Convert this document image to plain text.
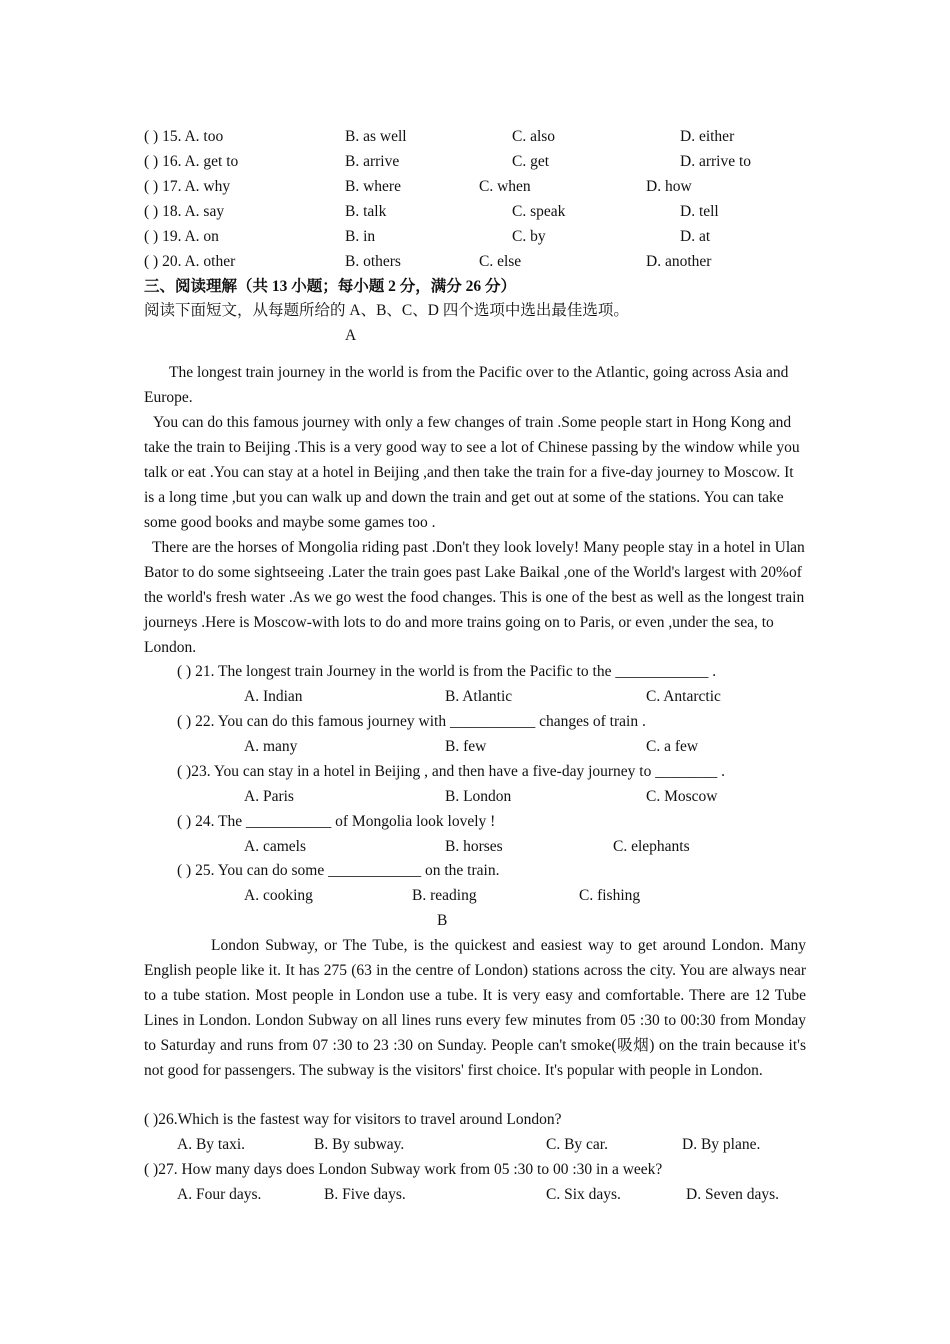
( ) 15. A. too	B. as well	C. also	D. either
( ) 16. A. get to	B. arrive	C. get	D. arrive to
( ) 17. A. why	B. where	C. when	D. how
( ) 18. A. say	B. talk	C. speak	D. tell
( ) 19. A. on	B. in	C. by	D. at
( ) 20. A. other	B. others	C. else	D. another
三、阅读理解（共 13 小题；每小题 2 分，满分 26 分）
阅读下面短文，从每题所给的 A、B、C、D 四个选项中选出最佳选项。
A

The longest train journey in the world is from the Pacific over to the Atlantic, going across Asia and Europe.

You can do this famous journey with only a few changes of train .Some people start in Hong Kong and take the train to Beijing .This is a very good way to see a lot of Chinese passing by the window while you talk or eat .You can stay at a hotel in Beijing ,and then take the train for a five-day journey to Moscow. It is a long time ,but you can walk up and down the train and get out at some of the stations. You can take some good books and maybe some games too .

There are the horses of Mongolia riding past .Don't they look lovely! Many people stay in a hotel in Ulan Bator to do some sightseeing .Later the train goes past Lake Baikal ,one of the World's largest with 20%of the world's fresh water .As we go west the food changes. This is one of the best as well as the longest train journeys .Here is Moscow-with lots to do and more trains going on to Paris, or even ,under the sea, to London.

( ) 21. The longest train Journey in the world is from the Pacific to the ____________ .
A. Indian	B. Atlantic	C. Antarctic
( ) 22. You can do this famous journey with ___________ changes of train .
A. many	B. few	C. a few
( )23. You can stay in a hotel in Beijing , and then have a five-day journey to ________ .
A. Paris	B. London	C. Moscow
( ) 24. The ___________ of Mongolia look lovely !
A. camels	B. horses	C. elephants
( ) 25. You can do some ____________ on the train.
A. cooking	B. reading	C. fishing
B

London Subway, or The Tube, is the quickest and easiest way to get around London. Many English people like it. It has 275 (63 in the centre of London) stations across the city. You are always near to a tube station. Most people in London use a tube. It is very easy and comfortable. There are 12 Tube Lines in London. London Subway on all lines runs every few minutes from 05 :30 to 00:30 from Monday to Saturday and runs from 07 :30 to 23 :30 on Sunday. People can't smoke(吸烟) on the train because it's not good for passengers. The subway is the visitors' first choice. It's popular with people in London.

( )26.Which is the fastest way for visitors to travel around London?
A. By taxi.	B. By subway.	C. By car.	D. By plane.
( )27. How many days does London Subway work from 05 :30 to 00 :30 in a week?
A. Four days.	B. Five days.	C. Six days.	D. Seven days.
